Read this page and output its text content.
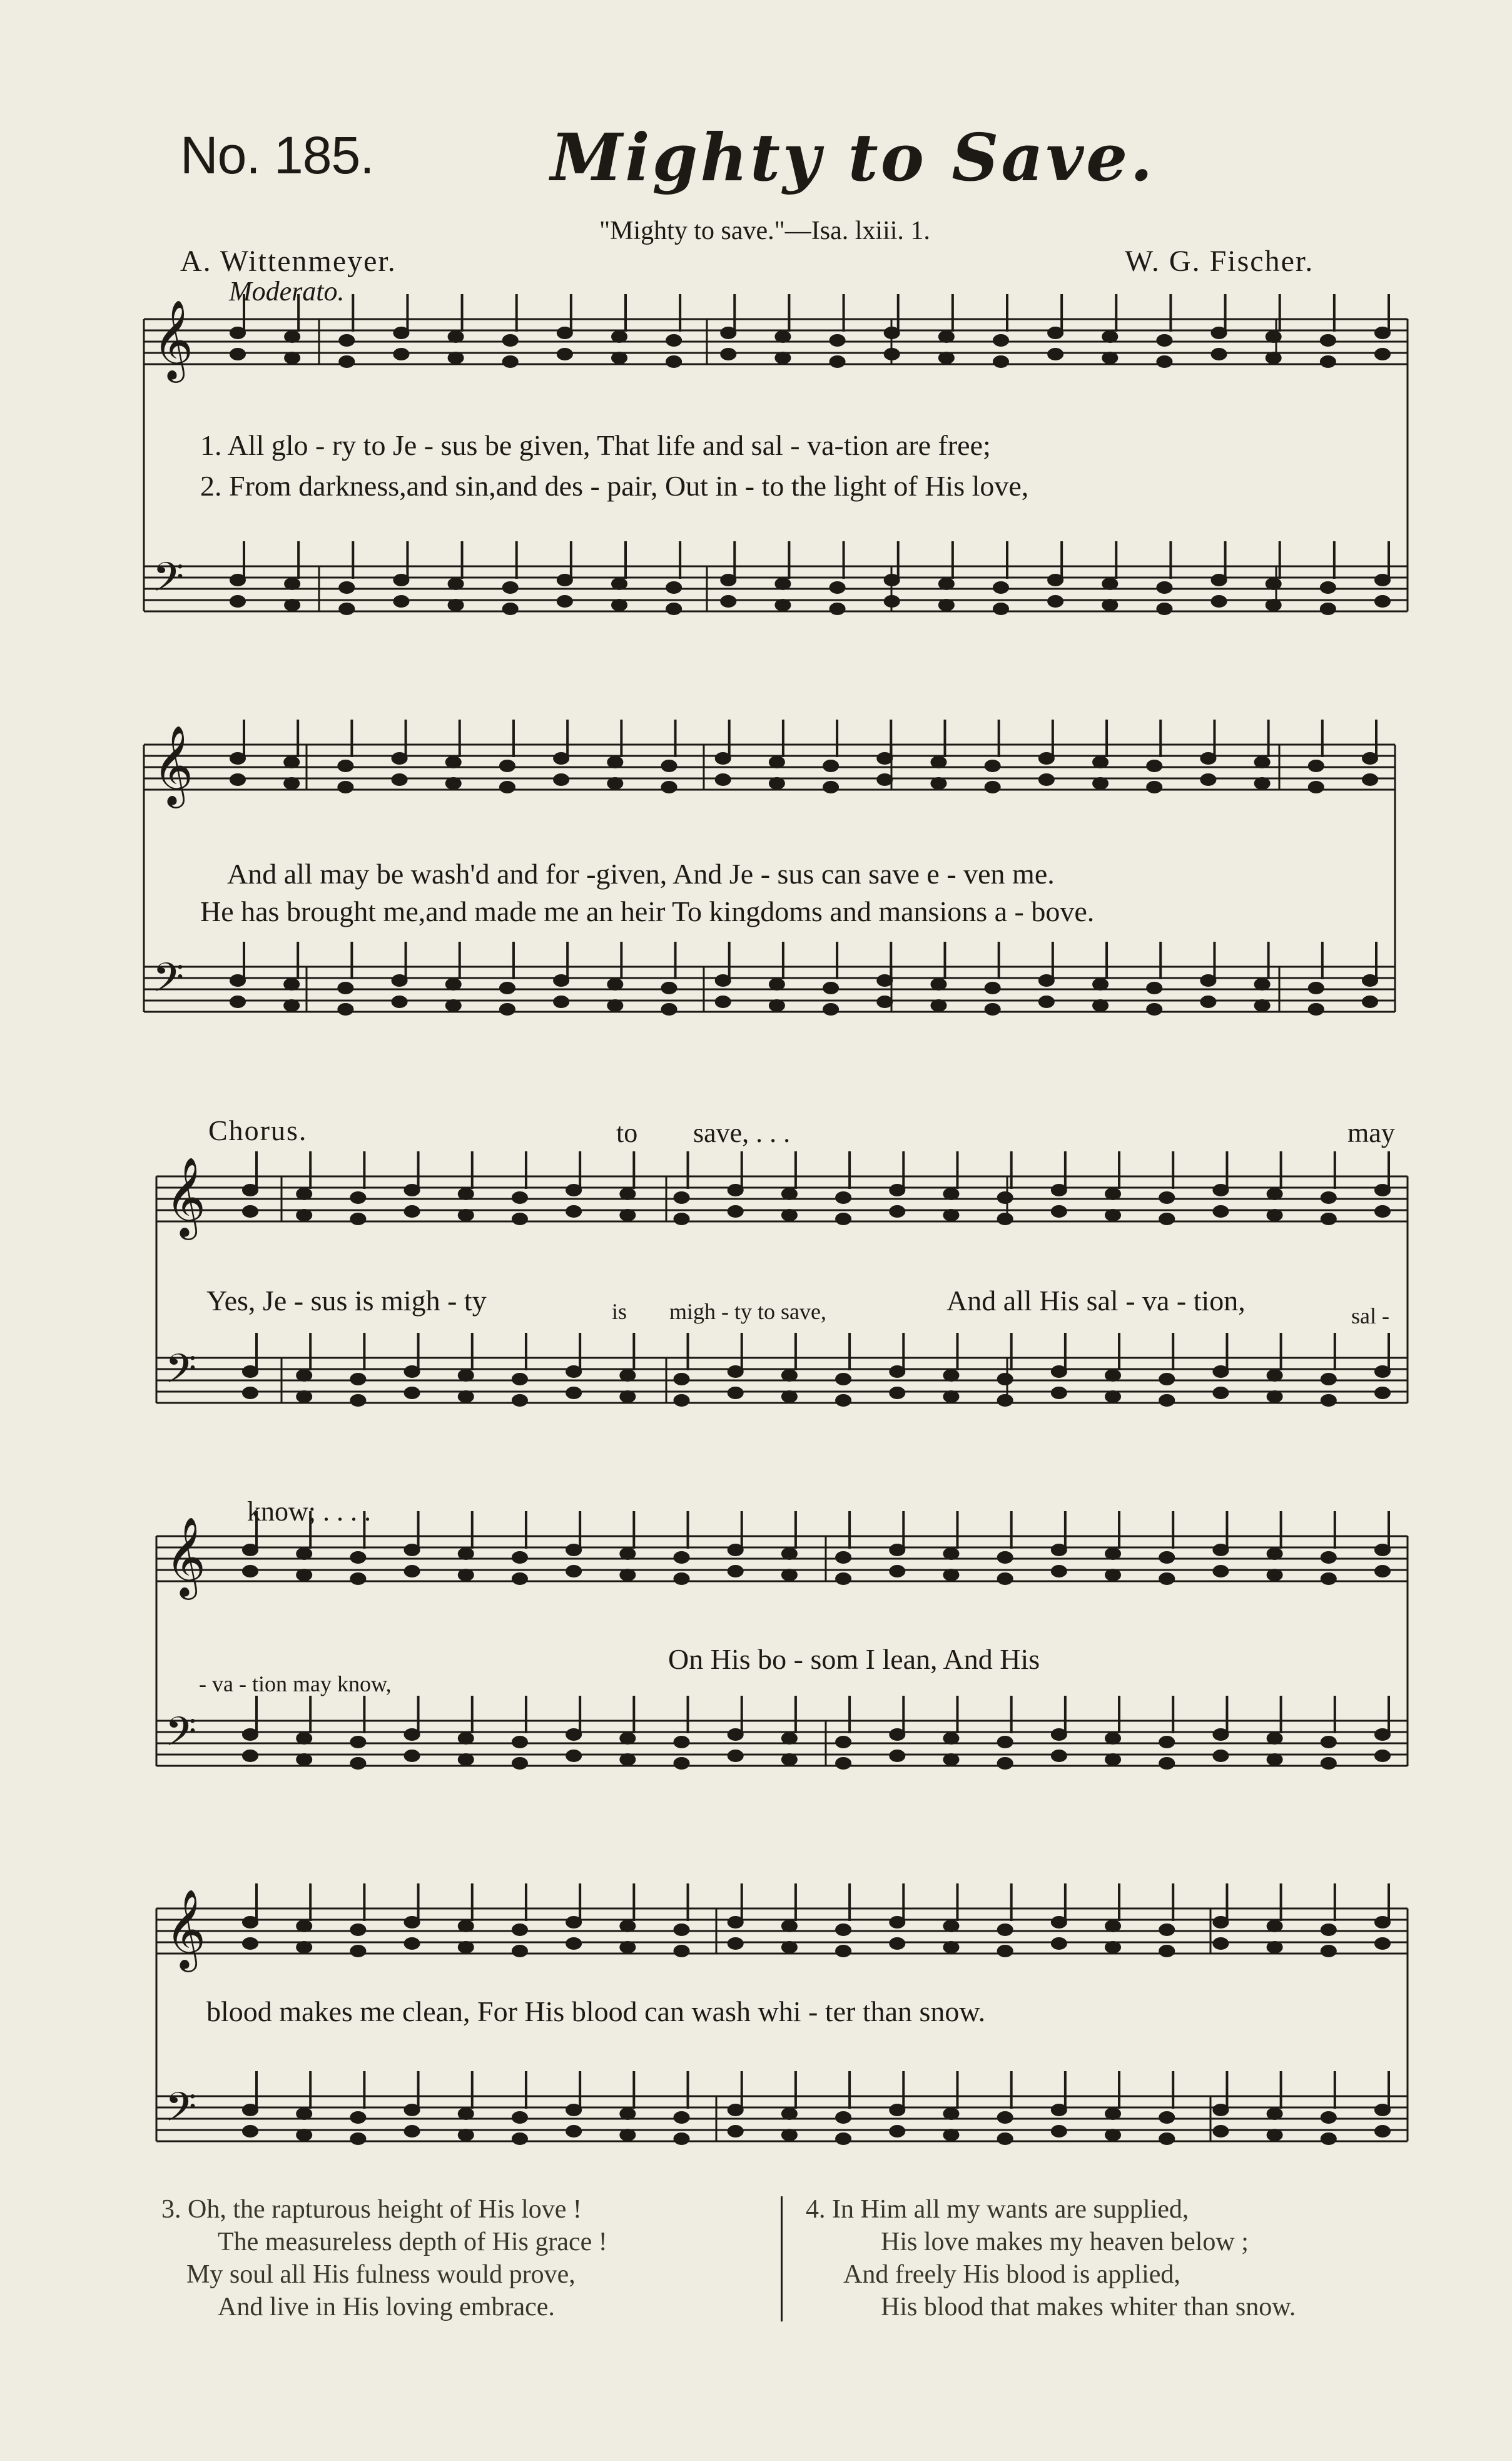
No. 185.	Mighty to Save.
"Mighty to save."—Isa. lxiii. 1.
A. Wittenmeyer.	W. G. Fischer.
Moderato.
𝄞
𝄢
𝄞
𝄢
𝄞
𝄢
𝄞
𝄢
𝄞
𝄢
1. All glo - ry to Je - sus be given, That life and sal - va-tion are free;
2. From darkness,and sin,and des - pair, Out in - to the light of His love,
And all may be wash'd and for -given, And Je - sus can save e - ven me.
He has brought me,and made me an heir To kingdoms and mansions a - bove.
Chorus.	to save, . . .	may
Yes, Je - sus is migh - ty	is migh - ty to save,	And all His sal - va - tion,	sal -
know; . . . .
- va - tion may know,
On His bo - som I lean, And His
blood makes me clean, For His blood can wash whi - ter than snow.
3. Oh, the rapturous height of His love !
The measureless depth of His grace !
My soul all His fulness would prove,
And live in His loving embrace.
4. In Him all my wants are supplied,
His love makes my heaven below ;
And freely His blood is applied,
His blood that makes whiter than snow.
